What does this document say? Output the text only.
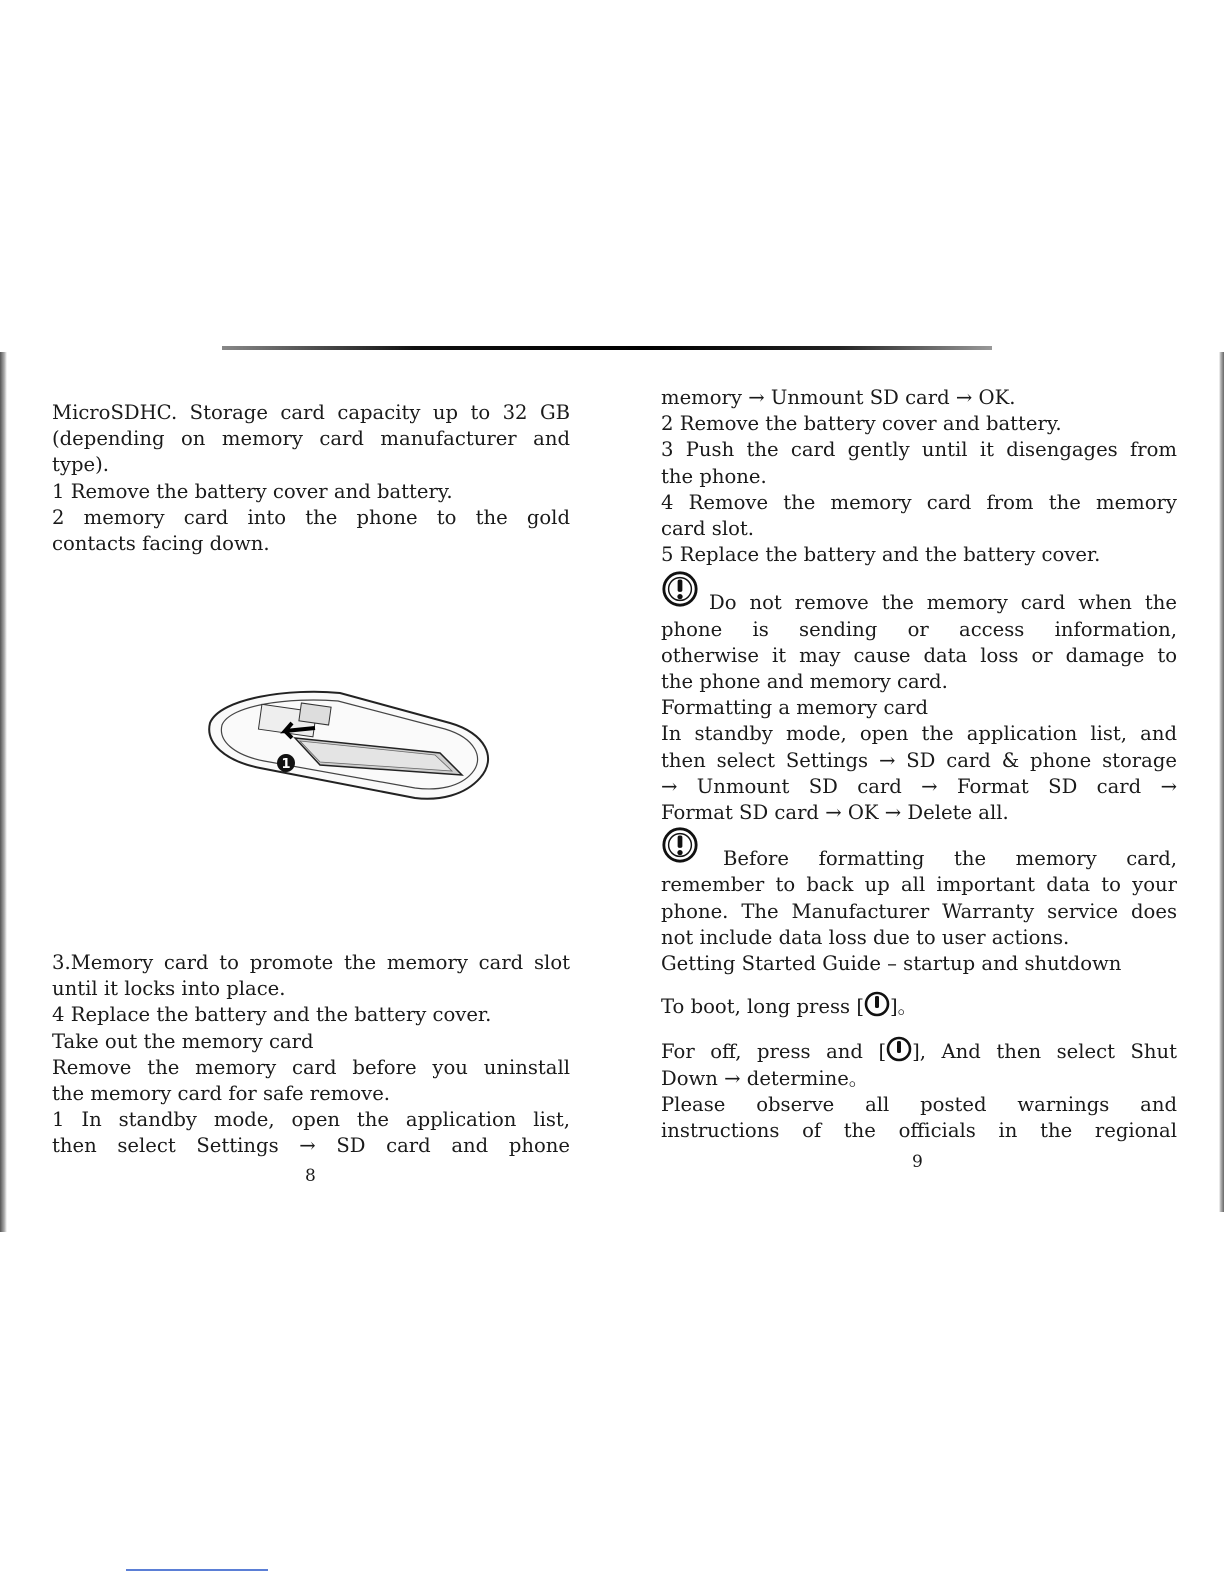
MicroSDHC. Storage card capacity up to 32 GB

(depending on memory card manufacturer and

type).

1 Remove the battery cover and battery.

2 memory card into the phone to the gold

contacts facing down.

1

3.Memory card to promote the memory card slot

until it locks into place.

4 Replace the battery and the battery cover.

Take out the memory card

Remove the memory card before you uninstall

the memory card for safe remove.

1 In standby mode, open the application list,

then select Settings → SD card and phone

8

memory → Unmount SD card → OK.

2 Remove the battery cover and battery.

3 Push the card gently until it disengages from

the phone.

4 Remove the memory card from the memory

card slot.

5 Replace the battery and the battery cover.

Do not remove the memory card when the

phone is sending or access information,

otherwise it may cause data loss or damage to

the phone and memory card.

Formatting a memory card

In standby mode, open the application list, and

then select Settings → SD card & phone storage

→ Unmount SD card → Format SD card →

Format SD card → OK → Delete all.

Before formatting the memory card,

remember to back up all important data to your

phone. The Manufacturer Warranty service does

not include data loss due to user actions.

Getting Started Guide – startup and shutdown

To boot, long press [ ]。

For off, press and [ ], And then select Shut

Down → determine。

Please observe all posted warnings and

instructions of the officials in the regional

9
